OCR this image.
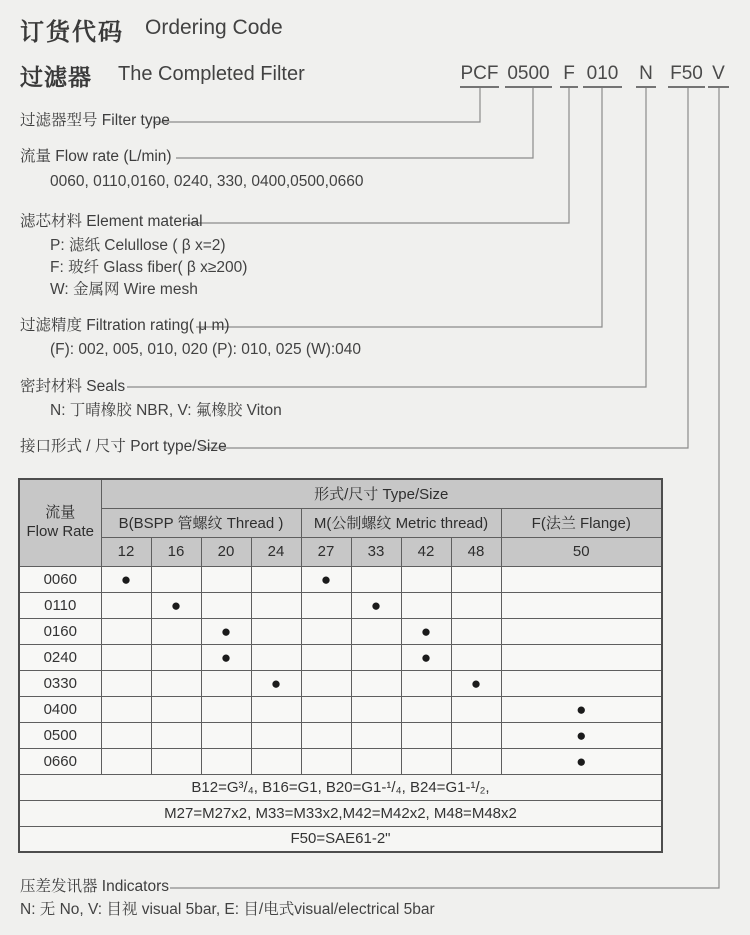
订货代码 Ordering Code
过滤器 The Completed Filter	PCF 0500 F 010 N F50 V
过滤器型号 Filter type
流量 Flow rate (L/min)
0060, 0110,0160, 0240, 330, 0400,0500,0660
滤芯材料 Element material
P: 滤纸 Celullose ( β x=2)
F: 玻纤 Glass fiber( β x≥200)
W: 金属网 Wire mesh
过滤精度 Filtration rating( μ m)
(F): 002, 005, 010, 020 (P): 010, 025 (W):040
密封材料 Seals
N: 丁晴橡胶 NBR, V: 氟橡胶 Viton
接口形式 / 尺寸 Port type/Size
压差发讯器 Indicators
N: 无 No, V: 目视 visual 5bar, E: 目/电式visual/electrical 5bar
流量
Flow Rate	形式/尺寸 Type/Size								
	B(BSPP 管螺纹 Thread )				M(公制螺纹 Metric thread)				F(法兰 Flange)
	12	16	20	24	27	33	42	48	50
0060	●				●				
0110		●				●			
0160			●				●		
0240			●				●		
0330				●				●	
0400									●
0500									●
0660									●
B12=G³/₄, B16=G1, B20=G1-¹/₄, B24=G1-¹/₂,									
M27=M27x2, M33=M33x2,M42=M42x2, M48=M48x2									
F50=SAE61-2"									
